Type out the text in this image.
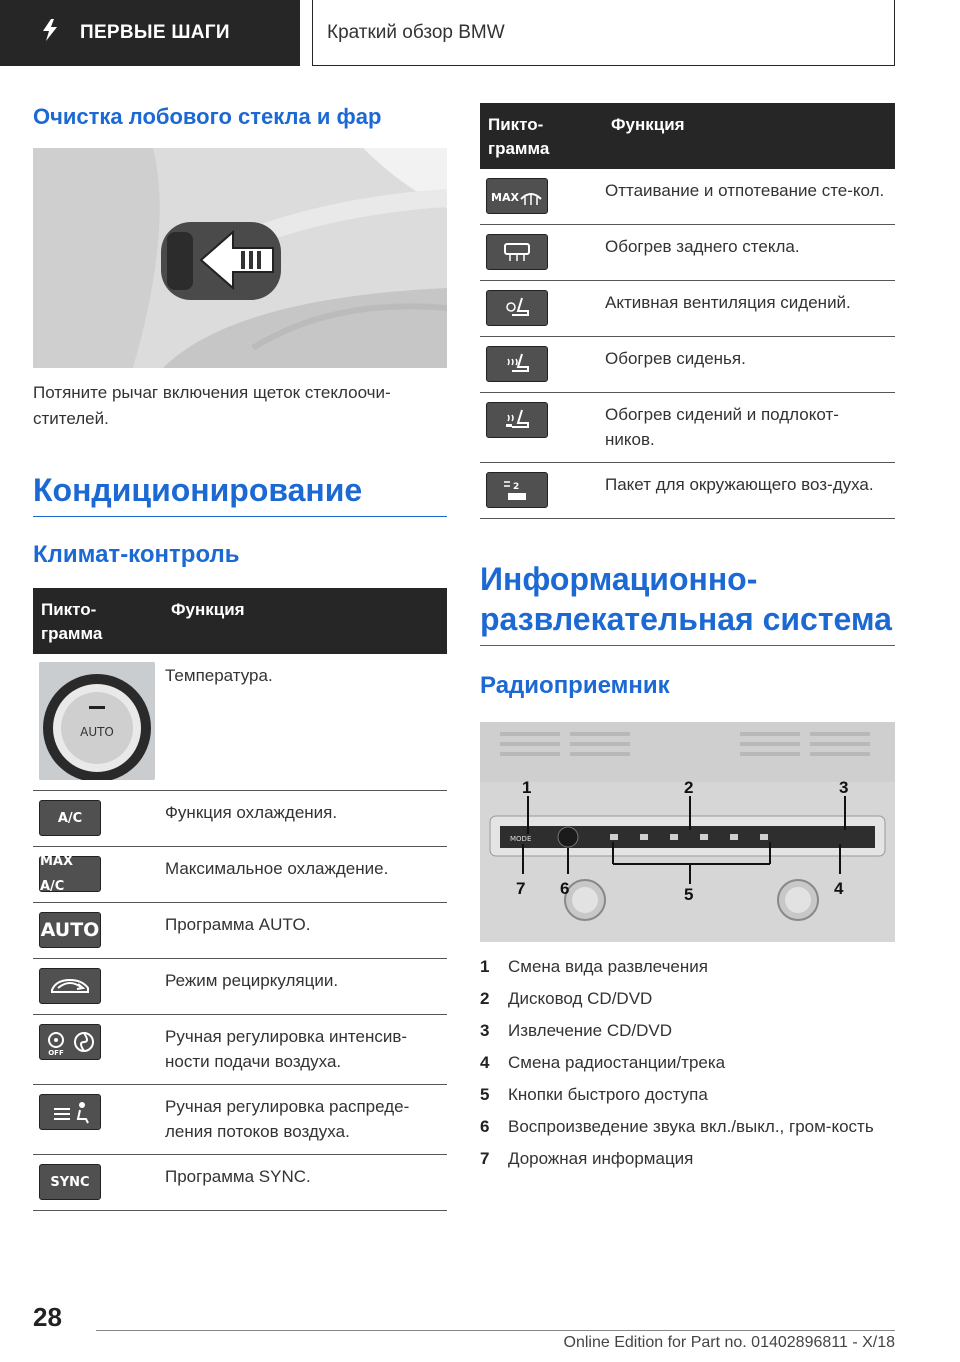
ПЕРВЫЕ ШАГИ	Краткий обзор BMW
Очистка лобового стекла и фар
Потяните рычаг включения щеток стеклоочи-стителей.
Кондиционирование
Климат-контроль
Пикто-грамма	Функция

AUTO	Температура.

A/C	Функция охлаждения.

MAX A/C	Максимальное охлаждение.

AUTO	Программа AUTO.

	Режим рециркуляции.

OFF	Ручная регулировка интенсив-ности подачи воздуха.

	Ручная регулировка распреде-ления потоков воздуха.

SYNC	Программа SYNC.
Пикто-грамма	Функция

MAX	Оттаивание и отпотевание сте-кол.

	Обогрев заднего стекла.

	Активная вентиляция сидений.

	Обогрев сиденья.

	Обогрев сидений и подлокот-ников.

2	Пакет для окружающего воз-духа.
Информационно-развлекательная система
Радиоприемник
MODE
1	2	3
7 6	5	4
1	Смена вида развлечения
2	Дисковод CD/DVD
3	Извлечение CD/DVD
4	Смена радиостанции/трека
5	Кнопки быстрого доступа
6	Воспроизведение звука вкл./выкл., гром-кость
7	Дорожная информация
28
Online Edition for Part no. 01402896811 - X/18
